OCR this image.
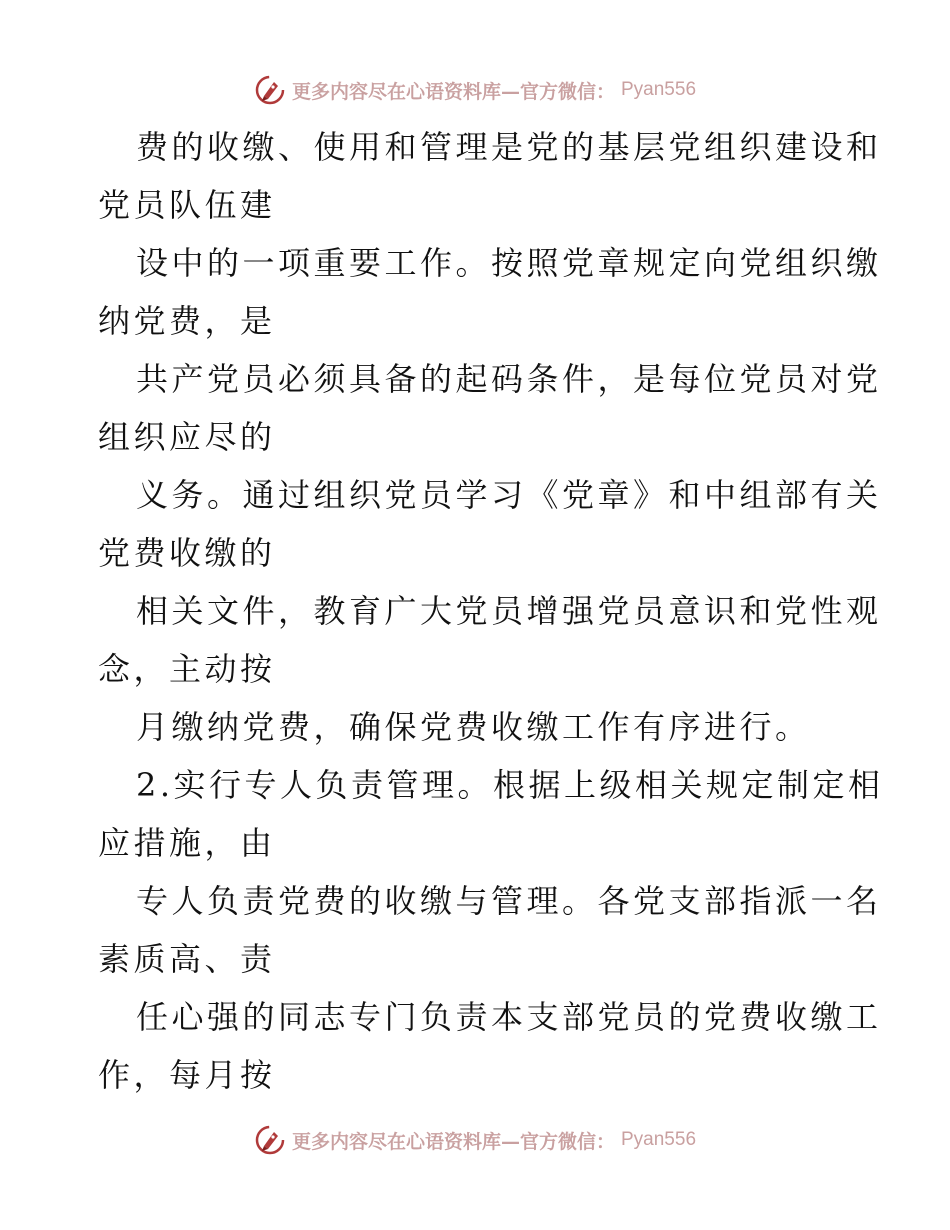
更多内容尽在心语资料库—官方微信： Pyan556
费的收缴、使用和管理是党的基层党组织建设和
党员队伍建
设中的一项重要工作。按照党章规定向党组织缴
纳党费，是
共产党员必须具备的起码条件，是每位党员对党
组织应尽的
义务。通过组织党员学习《党章》和中组部有关
党费收缴的
相关文件，教育广大党员增强党员意识和党性观
念，主动按
月缴纳党费，确保党费收缴工作有序进行。
2.实行专人负责管理。根据上级相关规定制定相
应措施，由
专人负责党费的收缴与管理。各党支部指派一名
素质高、责
任心强的同志专门负责本支部党员的党费收缴工
作，每月按
更多内容尽在心语资料库—官方微信： Pyan556
